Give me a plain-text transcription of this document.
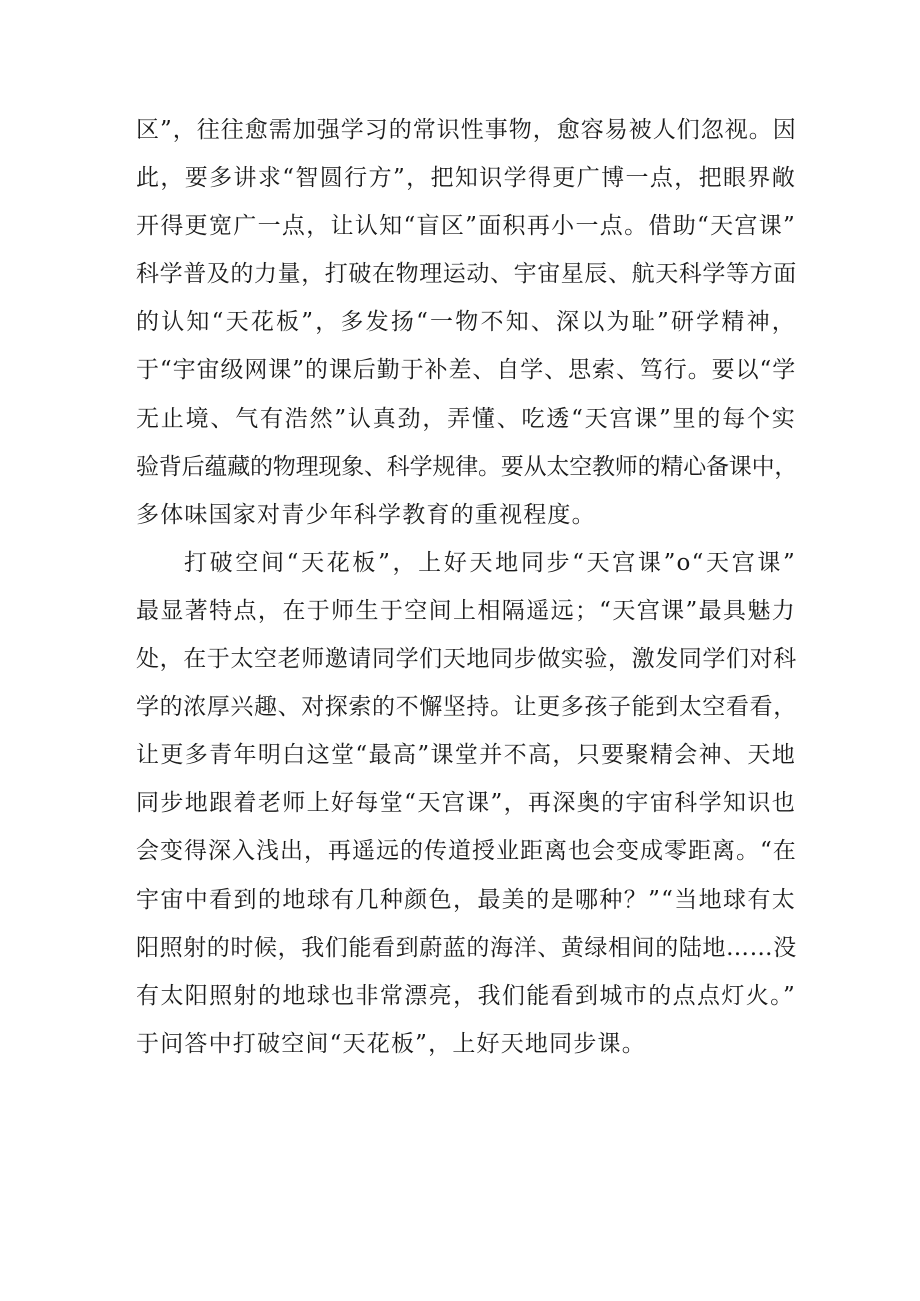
区”，往往愈需加强学习的常识性事物，愈容易被人们忽视。因
此，要多讲求“智圆行方”，把知识学得更广博一点，把眼界敞
开得更宽广一点，让认知“盲区”面积再小一点。借助“天宫课”
科学普及的力量，打破在物理运动、宇宙星辰、航天科学等方面
的认知“天花板”，多发扬“一物不知、深以为耻”研学精神，
于“宇宙级网课”的课后勤于补差、自学、思索、笃行。要以“学
无止境、气有浩然”认真劲，弄懂、吃透“天宫课”里的每个实
验背后蕴藏的物理现象、科学规律。要从太空教师的精心备课中，
多体味国家对青少年科学教育的重视程度。
打破空间“天花板”，上好天地同步“天宫课”o“天宫课”
最显著特点，在于师生于空间上相隔遥远；“天宫课”最具魅力
处，在于太空老师邀请同学们天地同步做实验，激发同学们对科
学的浓厚兴趣、对探索的不懈坚持。让更多孩子能到太空看看，
让更多青年明白这堂“最高”课堂并不高，只要聚精会神、天地
同步地跟着老师上好每堂“天宫课”，再深奥的宇宙科学知识也
会变得深入浅出，再遥远的传道授业距离也会变成零距离。“在
宇宙中看到的地球有几种颜色，最美的是哪种？”“当地球有太
阳照射的时候，我们能看到蔚蓝的海洋、黄绿相间的陆地……没
有太阳照射的地球也非常漂亮，我们能看到城市的点点灯火。”
于问答中打破空间“天花板”，上好天地同步课。
